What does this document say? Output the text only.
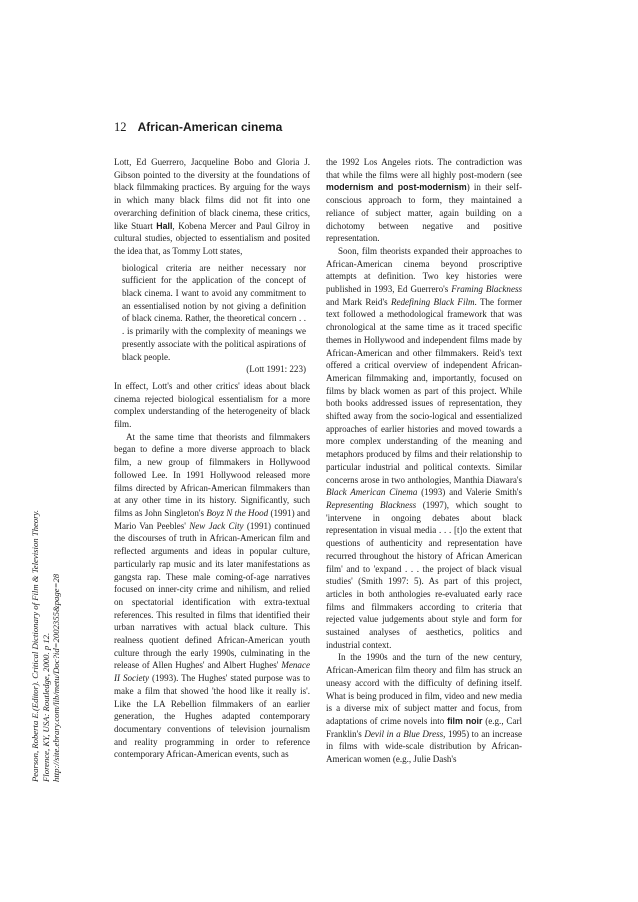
12 African-American cinema

Lott, Ed Guerrero, Jacqueline Bobo and Gloria J. Gibson pointed to the diversity at the foundations of black filmmaking practices. By arguing for the ways in which many black films did not fit into one overarching definition of black cinema, these critics, like Stuart Hall, Kobena Mercer and Paul Gilroy in cultural studies, objected to essentialism and posited the idea that, as Tommy Lott states,

biological criteria are neither necessary nor sufficient for the application of the concept of black cinema. I want to avoid any commitment to an essentialised notion by not giving a definition of black cinema. Rather, the theoretical concern . . . is primarily with the complexity of meanings we presently associate with the political aspirations of black people.

(Lott 1991: 223)

In effect, Lott's and other critics' ideas about black cinema rejected biological essentialism for a more complex understanding of the heterogeneity of black film.

At the same time that theorists and filmmakers began to define a more diverse approach to black film, a new group of filmmakers in Hollywood followed Lee. In 1991 Hollywood released more films directed by African-American filmmakers than at any other time in its history. Significantly, such films as John Singleton's Boyz N the Hood (1991) and Mario Van Peebles' New Jack City (1991) continued the discourses of truth in African-American film and reflected arguments and ideas in popular culture, particularly rap music and its later manifestations as gangsta rap. These male coming-of-age narratives focused on inner-city crime and nihilism, and relied on spectatorial identification with extra-textual references. This resulted in films that identified their urban narratives with actual black culture. This realness quotient defined African-American youth culture through the early 1990s, culminating in the release of Allen Hughes' and Albert Hughes' Menace II Society (1993). The Hughes' stated purpose was to make a film that showed 'the hood like it really is'. Like the LA Rebellion filmmakers of an earlier generation, the Hughes adapted contemporary documentary conventions of television journalism and reality programming in order to reference contemporary African-American events, such as

the 1992 Los Angeles riots. The contradiction was that while the films were all highly post-modern (see modernism and post-modernism) in their self-conscious approach to form, they maintained a reliance of subject matter, again building on a dichotomy between negative and positive representation.

Soon, film theorists expanded their approaches to African-American cinema beyond proscriptive attempts at definition. Two key histories were published in 1993, Ed Guerrero's Framing Blackness and Mark Reid's Redefining Black Film. The former text followed a methodological framework that was chronological at the same time as it traced specific themes in Hollywood and independent films made by African-American and other filmmakers. Reid's text offered a critical overview of independent African-American filmmaking and, importantly, focused on films by black women as part of this project. While both books addressed issues of representation, they shifted away from the socio-logical and essentialized approaches of earlier histories and moved towards a more complex understanding of the meaning and metaphors produced by films and their relationship to particular industrial and political contexts. Similar concerns arose in two anthologies, Manthia Diawara's Black American Cinema (1993) and Valerie Smith's Representing Blackness (1997), which sought to 'intervene in ongoing debates about black representation in visual media . . . [t]o the extent that questions of authenticity and representation have recurred throughout the history of African American film' and to 'expand . . . the project of black visual studies' (Smith 1997: 5). As part of this project, articles in both anthologies re-evaluated early race films and filmmakers according to criteria that rejected value judgements about style and form for sustained analyses of aesthetics, politics and industrial context.

In the 1990s and the turn of the new century, African-American film theory and film has struck an uneasy accord with the difficulty of defining itself. What is being produced in film, video and new media is a diverse mix of subject matter and focus, from adaptations of crime novels into film noir (e.g., Carl Franklin's Devil in a Blue Dress, 1995) to an increase in films with wide-scale distribution by African-American women (e.g., Julie Dash's

Pearson, Roberta E.(Editor). Critical Dictionary of Film & Television Theory. Florence, KY, USA: Routledge, 2000. p 12. http://site.ebrary.com/lib/metu/Doc?id=2002355&page=28
